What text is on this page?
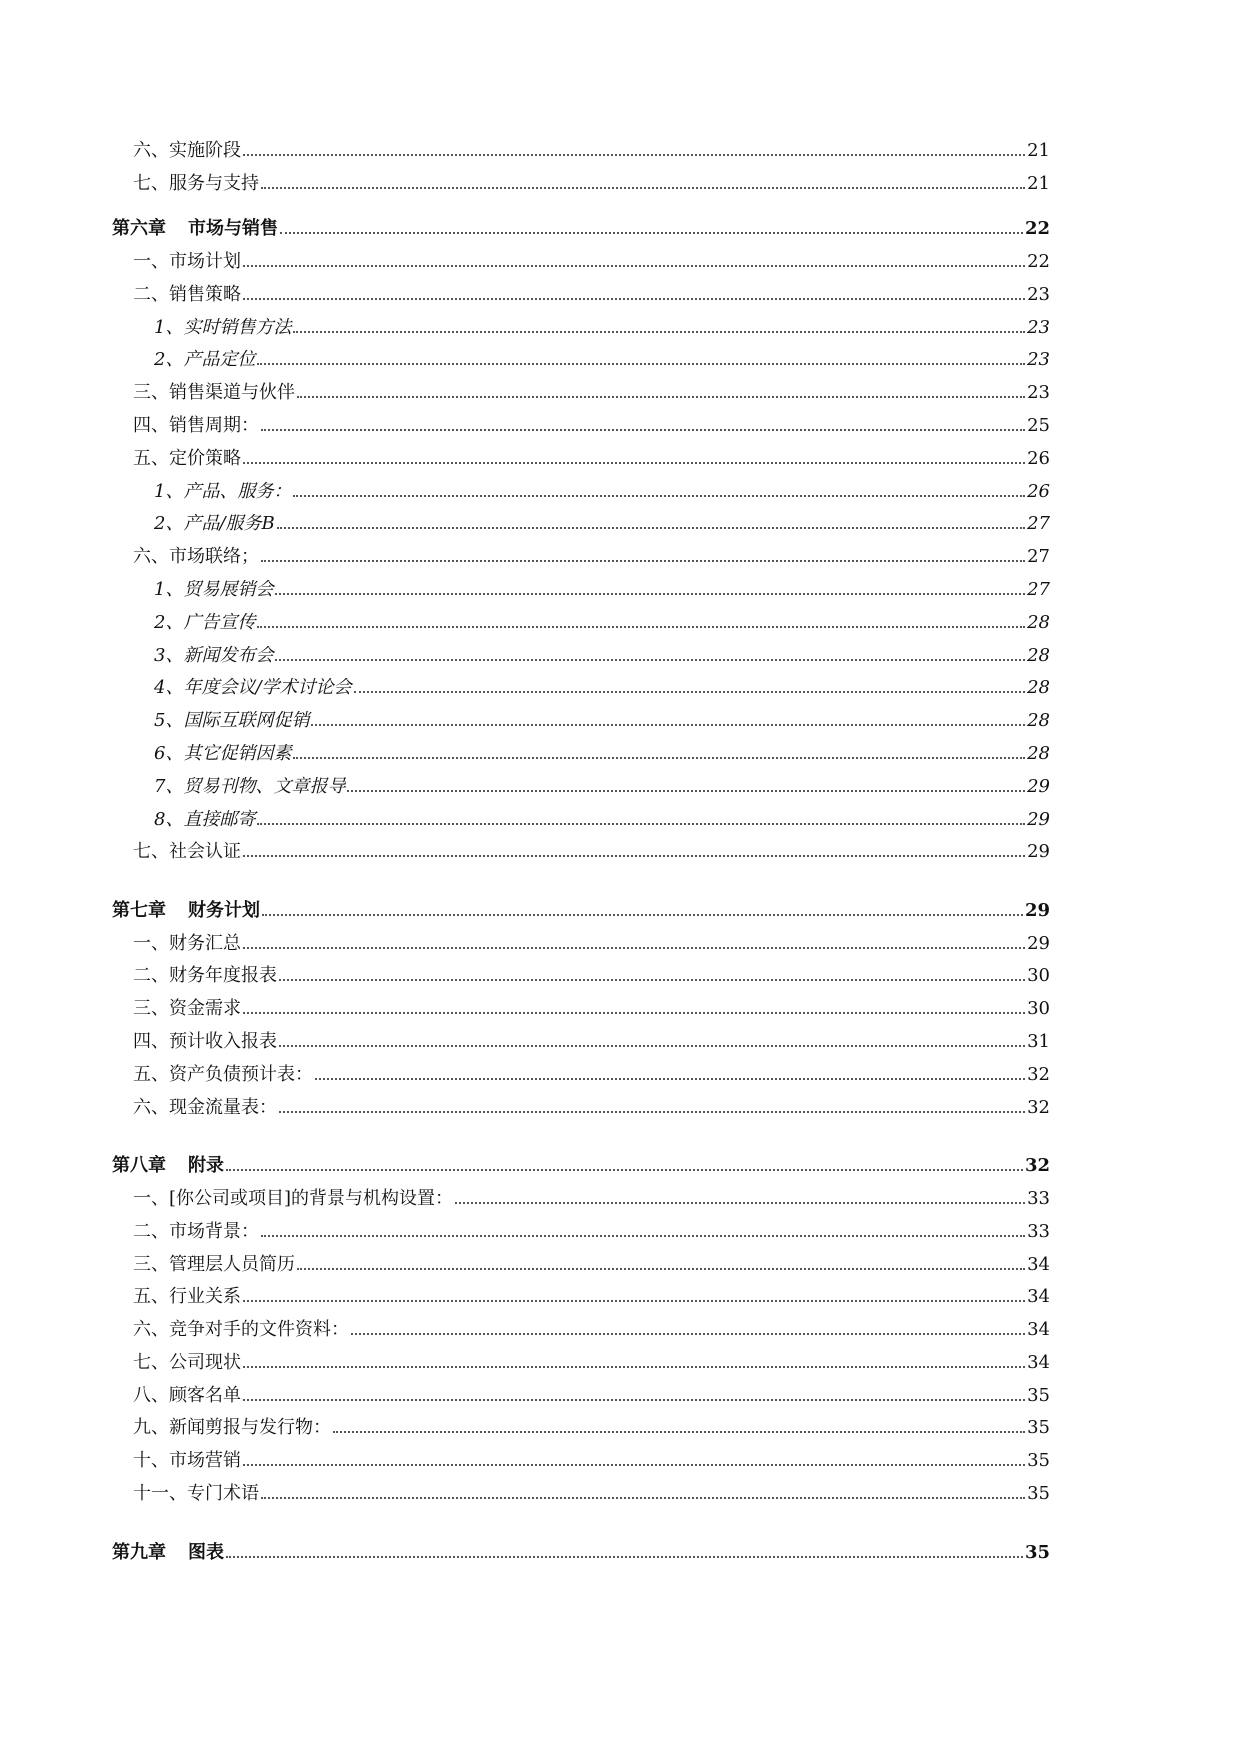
六、实施阶段	21
七、服务与支持	21
第六章 市场与销售	22
一、市场计划	22
二、销售策略	23
1、实时销售方法	23
2、产品定位	23
三、销售渠道与伙伴	23
四、销售周期：	25
五、定价策略	26
1、产品、服务：	26
2、产品/服务B	27
六、市场联络；	27
1、贸易展销会	27
2、广告宣传	28
3、新闻发布会	28
4、年度会议/学术讨论会	28
5、国际互联网促销	28
6、其它促销因素	28
7、贸易刊物、文章报导	29
8、直接邮寄	29
七、社会认证	29
第七章 财务计划	29
一、财务汇总	29
二、财务年度报表	30
三、资金需求	30
四、预计收入报表	31
五、资产负债预计表：	32
六、现金流量表：	32
第八章 附录	32
一、[你公司或项目]的背景与机构设置：	33
二、市场背景：	33
三、管理层人员简历	34
五、行业关系	34
六、竞争对手的文件资料：	34
七、公司现状	34
八、顾客名单	35
九、新闻剪报与发行物：	35
十、市场营销	35
十一、专门术语	35
第九章 图表	35
